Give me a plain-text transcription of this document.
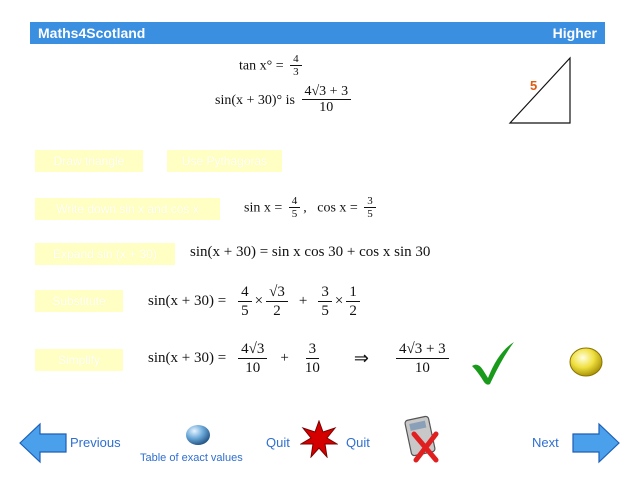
Maths4Scotland	Higher
$\tan x^\circ = \frac{4}{3}$
sin(x + 30)° is $\frac{4√3 + 3}{10}$	5
Draw triangle	Use Pythagoras
Write down sin x and cos x
Expand sin (x + 30)
Substitute
Simplify
$\sin x = \frac{4}{5}$ ,   $\cos x = \frac{3}{5}$
sin(x + 30) = sin x cos 30 + cos x sin 30
$\sin(x + 30) = \frac{4}{5} \times \frac{√3}{2} + \frac{3}{5} \times \frac{1}{2}$
$\sin(x + 30) = \frac{4√3}{10} + \frac{3}{10}$ ⇒ $\frac{4√3 + 3}{10}$
Previous
Table of exact values
Quit	Quit	Next
